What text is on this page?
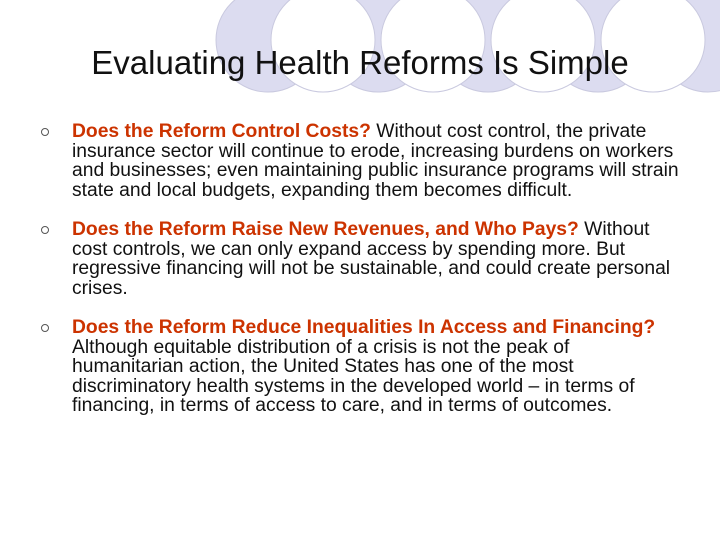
Evaluating Health Reforms Is Simple
Does the Reform Control Costs? Without cost control, the private insurance sector will continue to erode, increasing burdens on workers and businesses; even maintaining public insurance programs will strain state and local budgets, expanding them becomes difficult.
Does the Reform Raise New Revenues, and Who Pays? Without cost controls, we can only expand access by spending more. But regressive financing will not be sustainable, and could create personal crises.
Does the Reform Reduce Inequalities In Access and Financing? Although equitable distribution of a crisis is not the peak of humanitarian action, the United States has one of the most discriminatory health systems in the developed world – in terms of financing, in terms of access to care, and in terms of outcomes.
